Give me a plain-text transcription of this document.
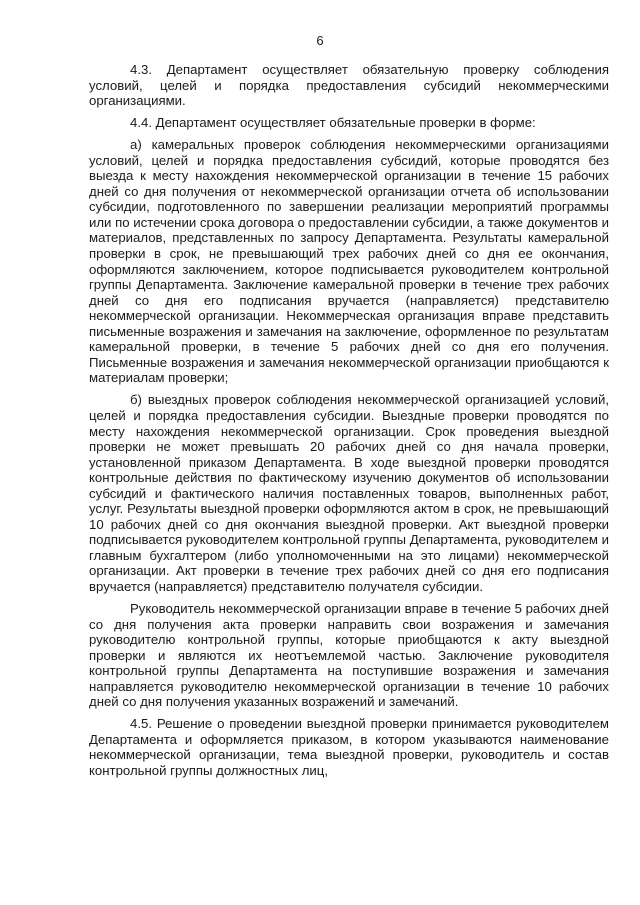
6

4.3. Департамент осуществляет обязательную проверку соблюдения условий, целей и порядка предоставления субсидий некоммерческими организациями.

4.4. Департамент осуществляет обязательные проверки в форме:

а) камеральных проверок соблюдения некоммерческими организациями условий, целей и порядка предоставления субсидий, которые проводятся без выезда к месту нахождения некоммерческой организации в течение 15 рабочих дней со дня получения от некоммерческой организации отчета об использовании субсидии, подготовленного по завершении реализации мероприятий программы или по истечении срока договора о предоставлении субсидии, а также документов и материалов, представленных по запросу Департамента. Результаты камеральной проверки в срок, не превышающий трех рабочих дней со дня ее окончания, оформляются заключением, которое подписывается руководителем контрольной группы Департамента. Заключение камеральной проверки в течение трех рабочих дней со дня его подписания вручается (направляется) представителю некоммерческой организации. Некоммерческая организация вправе представить письменные возражения и замечания на заключение, оформленное по результатам камеральной проверки, в течение 5 рабочих дней со дня его получения. Письменные возражения и замечания некоммерческой организации приобщаются к материалам проверки;

б) выездных проверок соблюдения некоммерческой организацией условий, целей и порядка предоставления субсидии. Выездные проверки проводятся по месту нахождения некоммерческой организации. Срок проведения выездной проверки не может превышать 20 рабочих дней со дня начала проверки, установленной приказом Департамента. В ходе выездной проверки проводятся контрольные действия по фактическому изучению документов об использовании субсидий и фактического наличия поставленных товаров, выполненных работ, услуг. Результаты выездной проверки оформляются актом в срок, не превышающий 10 рабочих дней со дня окончания выездной проверки. Акт выездной проверки подписывается руководителем контрольной группы Департамента, руководителем и главным бухгалтером (либо уполномоченными на это лицами) некоммерческой организации. Акт проверки в течение трех рабочих дней со дня его подписания вручается (направляется) представителю получателя субсидии.

Руководитель некоммерческой организации вправе в течение 5 рабочих дней со дня получения акта проверки направить свои возражения и замечания руководителю контрольной группы, которые приобщаются к акту выездной проверки и являются их неотъемлемой частью. Заключение руководителя контрольной группы Департамента на поступившие возражения и замечания направляется руководителю некоммерческой организации в течение 10 рабочих дней со дня получения указанных возражений и замечаний.

4.5. Решение о проведении выездной проверки принимается руководителем Департамента и оформляется приказом, в котором указываются наименование некоммерческой организации, тема выездной проверки, руководитель и состав контрольной группы должностных лиц,
